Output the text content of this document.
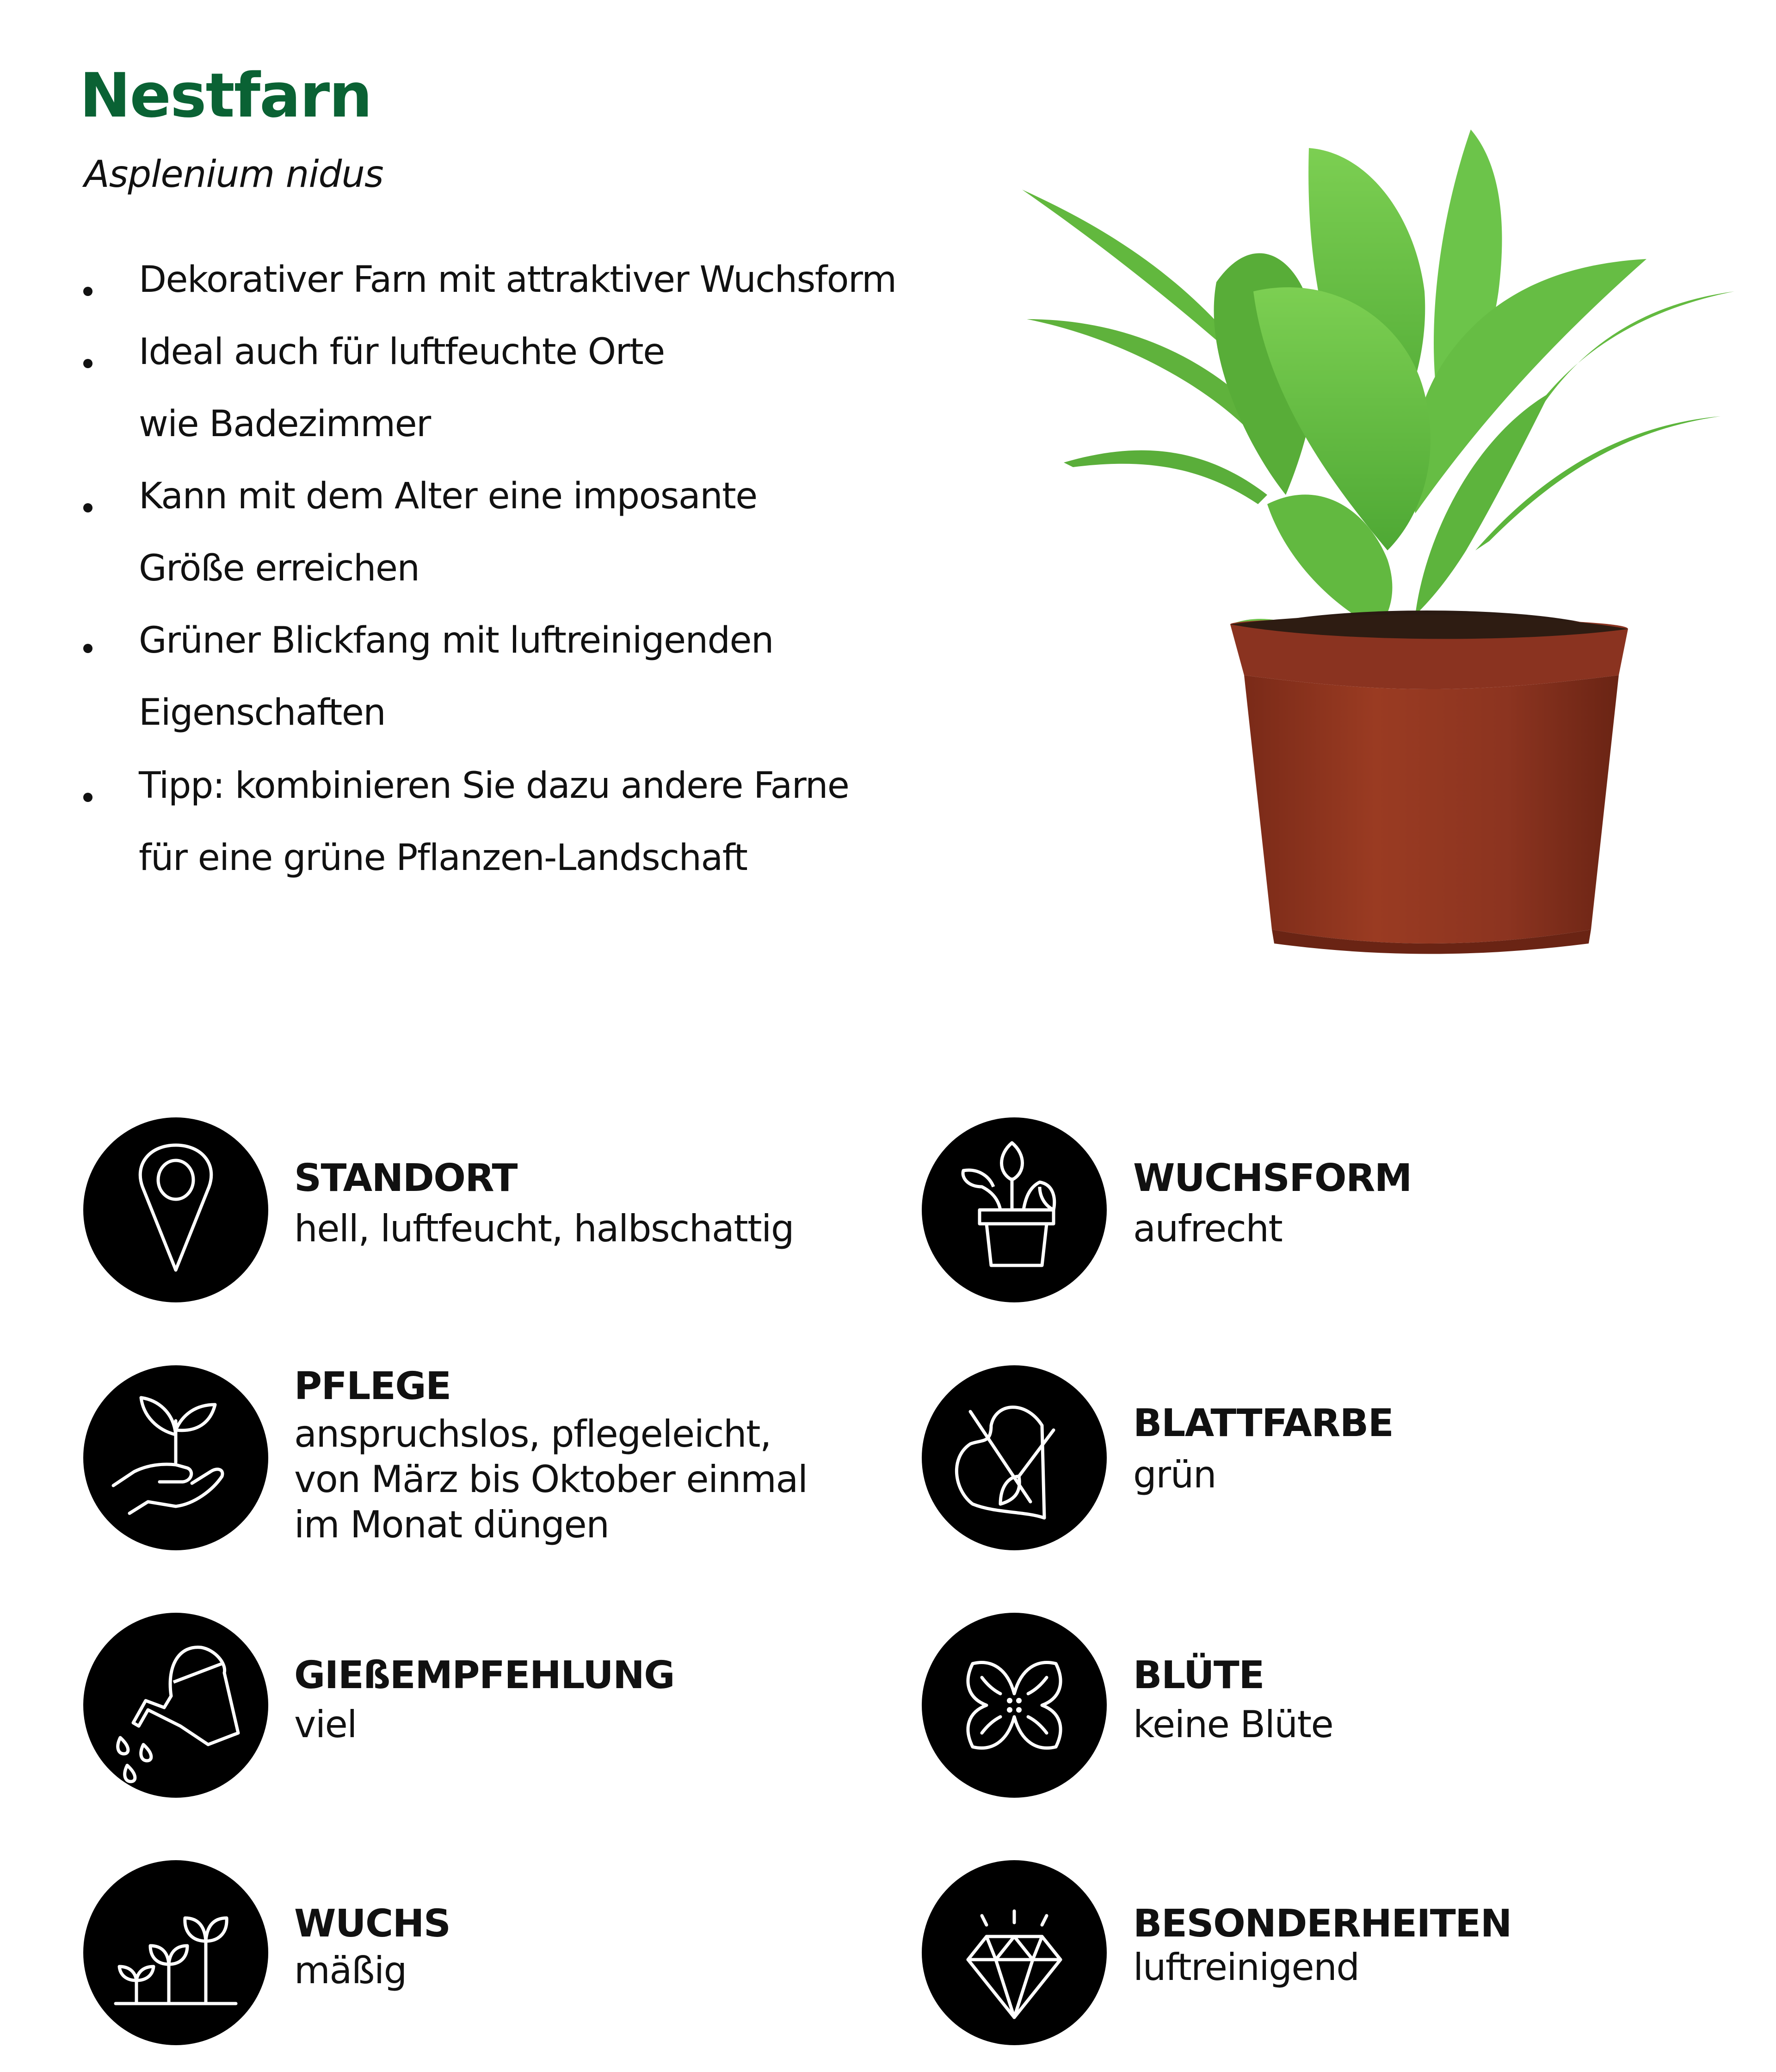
Nestfarn
Asplenium nidus
Dekorativer Farn mit attraktiver Wuchsform
Ideal auch für luftfeuchte Orte
wie Badezimmer
Kann mit dem Alter eine imposante
Größe erreichen
Grüner Blickfang mit luftreinigenden
Eigenschaften
Tipp: kombinieren Sie dazu andere Farne
für eine grüne Pflanzen-Landschaft
STANDORT
hell, luftfeucht, halbschattig
PFLEGE
anspruchslos, pflegeleicht,
von März bis Oktober einmal
im Monat düngen
GIEßEMPFEHLUNG
viel
WUCHS
mäßig
WUCHSFORM
aufrecht
BLATTFARBE
grün
BLÜTE
keine Blüte
BESONDERHEITEN
luftreinigend
